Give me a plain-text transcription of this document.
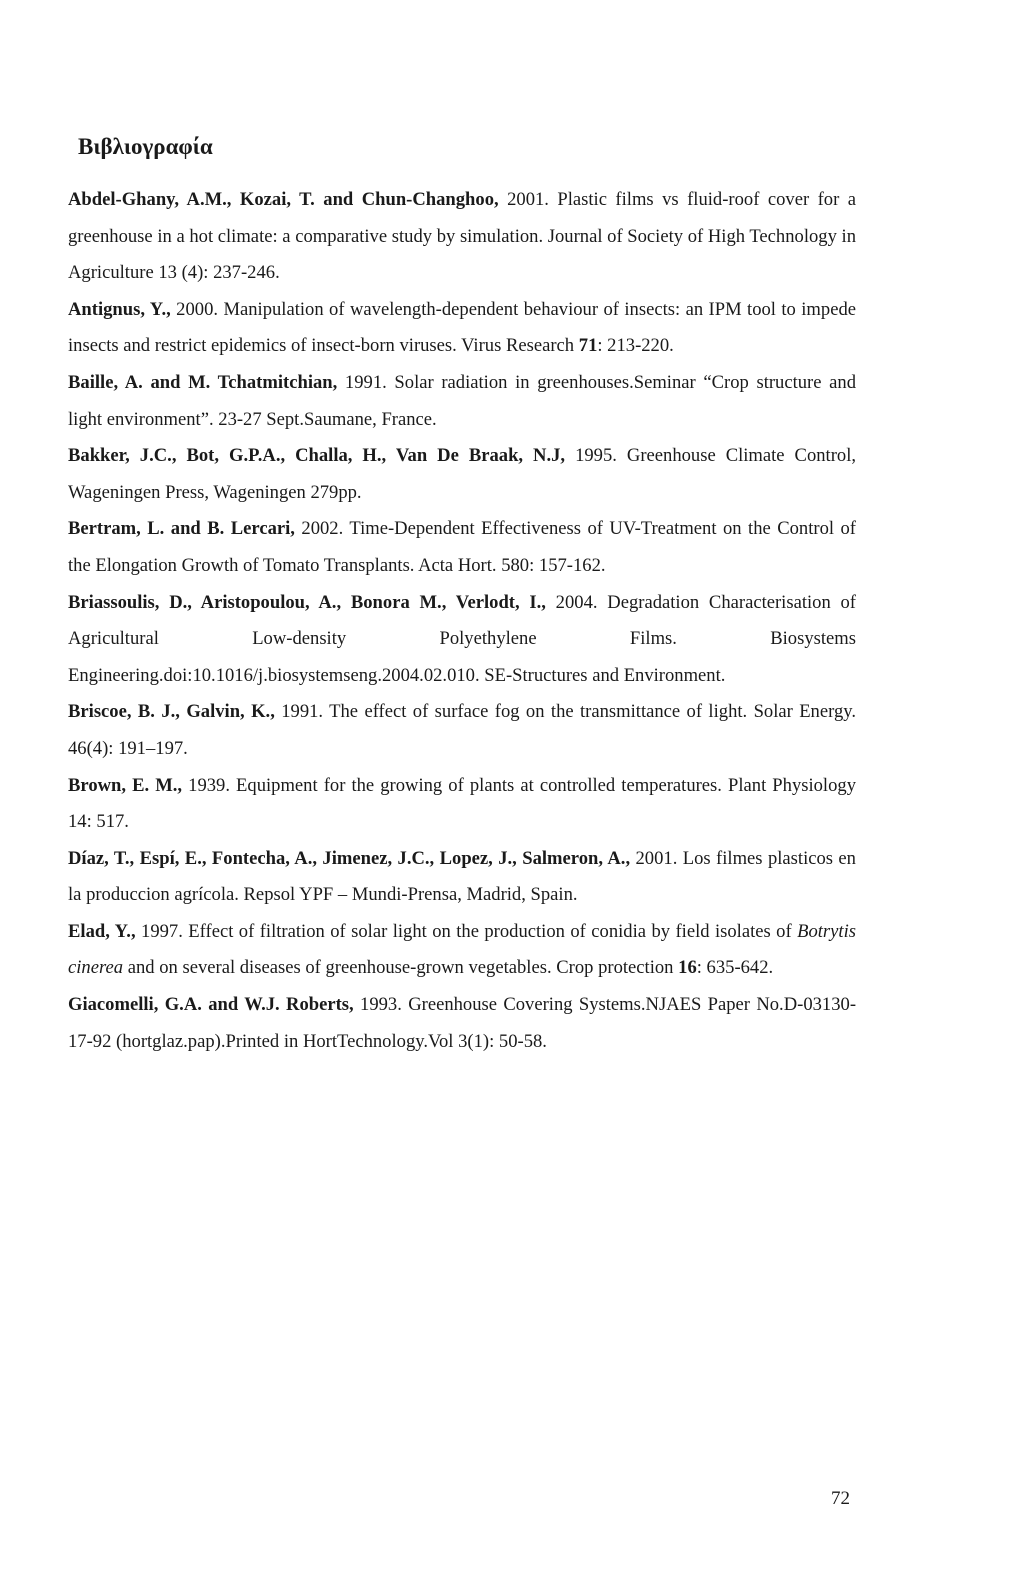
Βιβλιογραφία
Abdel-Ghany, A.M., Kozai, T. and Chun-Changhoo, 2001. Plastic films vs fluid-roof cover for a greenhouse in a hot climate: a comparative study by simulation. Journal of Society of High Technology in Agriculture 13 (4): 237-246.
Antignus, Y., 2000. Manipulation of wavelength-dependent behaviour of insects: an IPM tool to impede insects and restrict epidemics of insect-born viruses. Virus Research 71: 213-220.
Baille, A. and M. Tchatmitchian, 1991. Solar radiation in greenhouses.Seminar “Crop structure and light environment”. 23-27 Sept.Saumane, France.
Bakker, J.C., Bot, G.P.A., Challa, H., Van De Braak, N.J, 1995. Greenhouse Climate Control, Wageningen Press, Wageningen 279pp.
Bertram, L. and B. Lercari, 2002. Time-Dependent Effectiveness of UV-Treatment on the Control of the Elongation Growth of Tomato Transplants. Acta Hort. 580: 157-162.
Briassoulis, D., Aristopoulou, A., Bonora M., Verlodt, I., 2004. Degradation Characterisation of Agricultural Low-density Polyethylene Films. Biosystems Engineering.doi:10.1016/j.biosystemseng.2004.02.010. SE-Structures and Environment.
Briscoe, B. J., Galvin, K., 1991. The effect of surface fog on the transmittance of light. Solar Energy. 46(4): 191–197.
Brown, E. M., 1939. Equipment for the growing of plants at controlled temperatures. Plant Physiology 14: 517.
Díaz, T., Espí, E., Fontecha, A., Jimenez, J.C., Lopez, J., Salmeron, A., 2001. Los filmes plasticos en la produccion agrícola. Repsol YPF – Mundi-Prensa, Madrid, Spain.
Elad, Y., 1997. Effect of filtration of solar light on the production of conidia by field isolates of Botrytis cinerea and on several diseases of greenhouse-grown vegetables. Crop protection 16: 635-642.
Giacomelli, G.A. and W.J. Roberts, 1993. Greenhouse Covering Systems.NJAES Paper No.D-03130-17-92 (hortglaz.pap).Printed in HortTechnology.Vol 3(1): 50-58.

72
